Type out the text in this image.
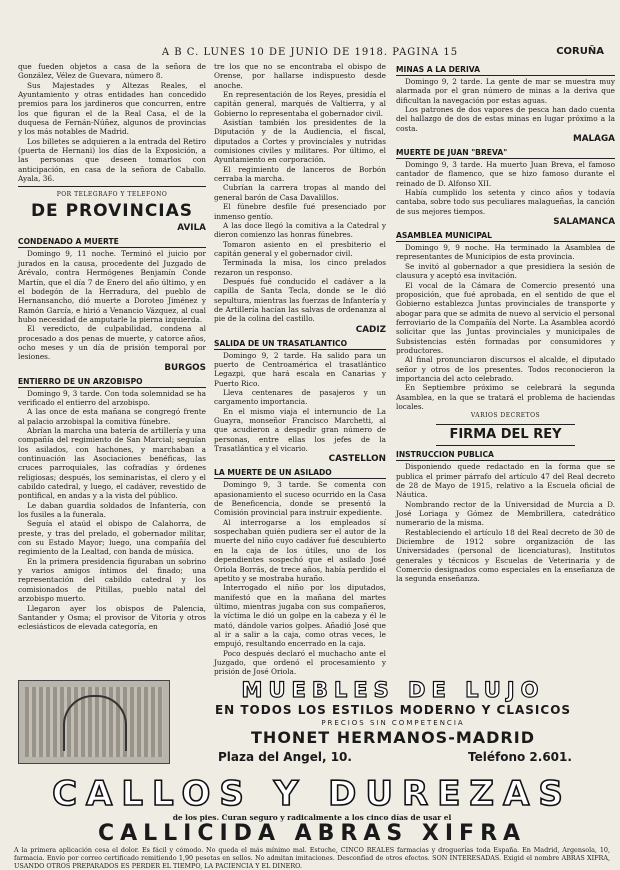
A B C. LUNES 10 DE JUNIO DE 1918. PAGINA 15	CORUÑA

que fueden objetos a casa de la señora de González, Vélez de Guevara, número 8.

Sus Majestades y Altezas Reales, el Ayuntamiento y otras entidades han concedido premios para los jardineros que concurren, entre los que figuran el de la Real Casa, el de la duquesa de Fernán-Núñez, algunos de provincias y los más notables de Madrid.

Los billetes se adquieren a la entrada del Retiro (puerta de Hernani) los días de la Exposición, a las personas que deseen tomarlos con anticipación, en casa de la señora de Caballo. Ayala, 36.

POR TELEGRAFO Y TELEFONO
DE PROVINCIAS
AVILA
CONDENADO A MUERTE

Domingo 9, 11 noche. Terminó el juicio por jurados en la causa, procedente del Juzgado de Arévalo, contra Hermógenes Benjamín Conde Martín, que el día 7 de Enero del año último, y en el bodegón de la Herradura, del pueblo de Hernansancho, dió muerte a Doroteo Jiménez y Ramón García, e hirió a Venancio Vázquez, al cual hubo necesidad de amputarle la pierna izquierda.

El veredicto, de culpabilidad, condena al procesado a dos penas de muerte, y catorce años, ocho meses y un día de prisión temporal por lesiones.

BURGOS
ENTIERRO DE UN ARZOBISPO

Domingo 9, 3 tarde. Con toda solemnidad se ha verificado el entierro del arzobispo.

A las once de esta mañana se congregó frente al palacio arzobispal la comitiva fúnebre.

Abrían la marcha una batería de artillería y una compañía del regimiento de San Marcial; seguían los asilados, con hachones, y marchaban a continuación las Asociaciones benéficas, las cruces parroquiales, las cofradías y órdenes religiosas; después, los seminaristas, el clero y el cabildo catedral, y luego, el cadáver, revestido de pontifical, en andas y a la vista del público.

Le daban guardia soldados de Infantería, con los fusiles a la funerala.

Seguía el ataúd el obispo de Calahorra, de preste, y tras del prelado, el gobernador militar, con su Estado Mayor; luego, una compañía del regimiento de la Lealtad, con banda de música.

En la primera presidencia figuraban un sobrino y varios amigos íntimos del finado; una representación del cabildo catedral y los comisionados de Pitillas, pueblo natal del arzobispo muerto.

Llegaron ayer los obispos de Palencia, Santander y Osma; el provisor de Vitoria y otros eclesiásticos de elevada categoría, en

tre los que no se encontraba el obispo de Orense, por hallarse indispuesto desde anoche.

En representación de los Reyes, presidía el capitán general, marqués de Valtierra, y al Gobierno lo representaba el gobernador civil.

Asistían también los presidentes de la Diputación y de la Audiencia, el fiscal, diputados a Cortes y provinciales y nutridas comisiones civiles y militares. Por último, el Ayuntamiento en corporación.

El regimiento de lanceros de Borbón cerraba la marcha.

Cubrían la carrera tropas al mando del general barón de Casa Davalillos.

El fúnebre desfile fué presenciado por inmenso gentío.

A las doce llegó la comitiva a la Catedral y dieron comienzo las honras fúnebres.

Tomaron asiento en el presbiterio el capitán general y el gobernador civil.

Terminada la misa, los cinco prelados rezaron un responso.

Después fué conducido el cadáver a la capilla de Santa Tecla, donde se le dió sepultura, mientras las fuerzas de Infantería y de Artillería hacían las salvas de ordenanza al pie de la colina del castillo.

CADIZ
SALIDA DE UN TRASATLANTICO

Domingo 9, 2 tarde. Ha salido para un puerto de Centroamérica el trasatlántico Legazpi, que hará escala en Canarias y Puerto Rico.

Lleva centenares de pasajeros y un cargamento importancia.

En el mismo viaja el internuncio de La Guayra, monseñor Francisco Marchetti, al que acudieron a despedir gran número de personas, entre ellas los jefes de la Trasatlántica y el vicario.

CASTELLON
LA MUERTE DE UN ASILADO

Domingo 9, 3 tarde. Se comenta con apasionamiento el suceso ocurrido en la Casa de Beneficencia, donde se presentó la Comisión provincial para instruir expediente.

Al interrogarse a los empleados sí sospechaban quién pudiera ser el autor de la muerte del niño cuyo cadáver fué descubierto en la caja de los útiles, uno de los dependientes sospechó que el asilado José Oriola Borrás, de trece años, había perdido el apetito y se mostraba huraño.

Interrogado el niño por los diputados, manifestó que en la mañana del martes último, mientras jugaba con sus compañeros, la víctima le dió un golpe en la cabeza y él le mató, dándole varios golpes. Añadió José que al ir a salir a la caja, como otras veces, le empujó, resultando encerrado en la caja.

Poco después declaró el muchacho ante el Juzgado, que ordenó el procesamiento y prisión de José Oriola.

MINAS A LA DERIVA

Domingo 9, 2 tarde. La gente de mar se muestra muy alarmada por el gran número de minas a la deriva que dificultan la navegación por estas aguas.

Los patrones de dos vapores de pesca han dado cuenta del hallazgo de dos de estas minas en lugar próximo a la costa.

MALAGA
MUERTE DE JUAN "BREVA"

Domingo 9, 3 tarde. Ha muerto Juan Breva, el famoso cantador de flamenco, que se hizo famoso durante el reinado de D. Alfonso XII.

Había cumplido los setenta y cinco años y todavía cantaba, sobre todo sus peculiares malagueñas, la canción de sus mejores tiempos.

SALAMANCA
ASAMBLEA MUNICIPAL

Domingo 9, 9 noche. Ha terminado la Asamblea de representantes de Municipios de esta provincia.

Se invitó al gobernador a que presidiera la sesión de clausura y aceptó esa invitación.

El vocal de la Cámara de Comercio presentó una proposición, que fué aprobada, en el sentido de que el Gobierno establezca Juntas provinciales de transporte y abogar para que se admita de nuevo al servicio el personal ferroviario de la Compañía del Norte. La Asamblea acordó solicitar que las Juntas provinciales y municipales de Subsistencias estén formadas por consumidores y productores.

Al final pronunciaron discursos el alcalde, el diputado señor y otros de los presentes. Todos reconocieron la importancia del acto celebrado.

En Septiembre próximo se celebrará la segunda Asamblea, en la que se tratará el problema de haciendas locales.

VARIOS DECRETOS
FIRMA DEL REY
INSTRUCCION PUBLICA

Disponiendo quede redactado en la forma que se publica el primer párrafo del artículo 47 del Real decreto de 28 de Mayo de 1915, relativo a la Escuela oficial de Náutica.

Nombrando rector de la Universidad de Murcia a D. José Loriaga y Gómez de Membrillera, catedrático numerario de la misma.

Restableciendo el artículo 18 del Real decreto de 30 de Diciembre de 1912 sobre organización de las Universidades (personal de licenciaturas), Institutos generales y técnicos y Escuelas de Veterinaria y de Comercio designados como especiales en la enseñanza de la segunda enseñanza.

MUEBLES DE LUJO
EN TODOS LOS ESTILOS MODERNO Y CLASICOS
PRECIOS SIN COMPETENCIA
THONET HERMANOS-MADRID
Plaza del Angel, 10.	Teléfono 2.601.
CALLOS Y DUREZAS
de los pies. Curan seguro y radicalmente a los cinco días de usar el
CALLICIDA ABRAS XIFRA
A la primera aplicación cesa el dolor. Es fácil y cómodo. No queda el más mínimo mal. Estuche, CINCO REALES farmacias y droguerías toda España. En Madrid, Argensola, 10, farmacia. Envío por correo certificado remitiendo 1,90 pesetas en sellos. No admitan imitaciones. Desconfíad de otros efectos. SON INTERESADAS. Exigid el nombre ABRAS XIFRA, USANDO OTROS PREPARADOS ES PERDER EL TIEMPO, LA PACIENCIA Y EL DINERO.
